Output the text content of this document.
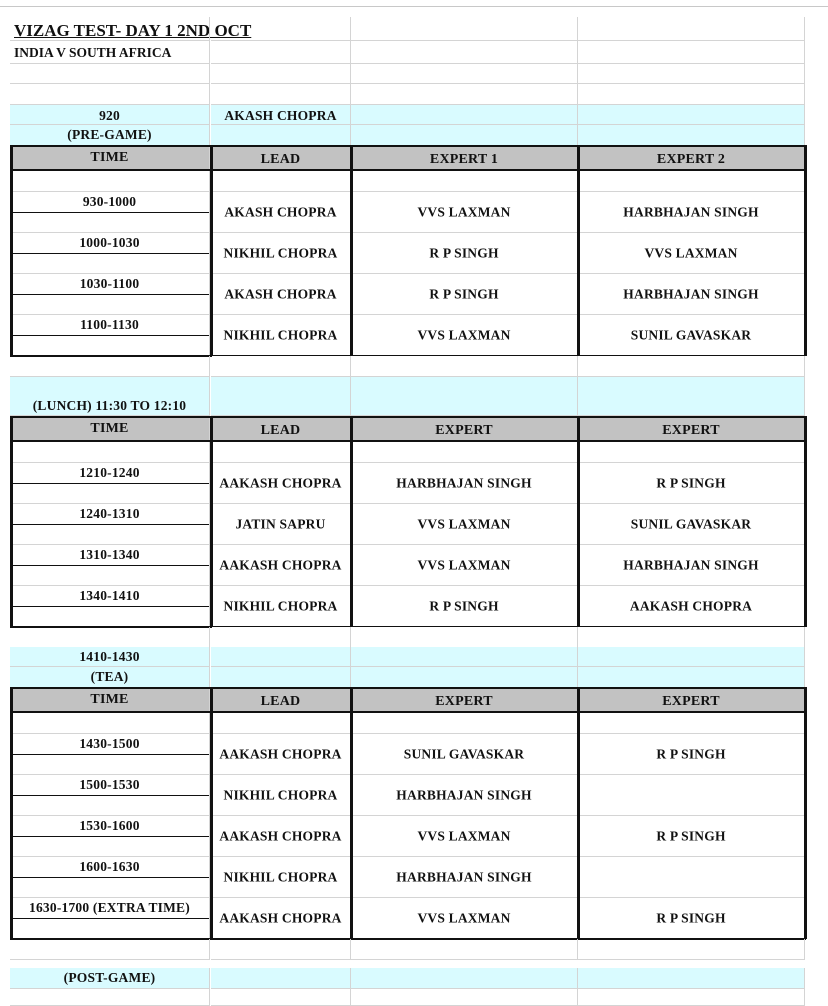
VIZAG TEST- DAY 1 2ND OCT
INDIA V SOUTH AFRICA
920	AKASH CHOPRA
(PRE-GAME)
TIME	LEAD	EXPERT 1	EXPERT 2
930-1000
AKASH CHOPRA	VVS LAXMAN	HARBHAJAN SINGH
1000-1030
NIKHIL CHOPRA	R P SINGH	VVS LAXMAN
1030-1100
AKASH CHOPRA	R P SINGH	HARBHAJAN SINGH
1100-1130
NIKHIL CHOPRA	VVS LAXMAN	SUNIL GAVASKAR
(LUNCH) 11:30 TO 12:10
TIME	LEAD	EXPERT	EXPERT
1210-1240
AAKASH CHOPRA	HARBHAJAN SINGH	R P SINGH
1240-1310
JATIN SAPRU	VVS LAXMAN	SUNIL GAVASKAR
1310-1340
AAKASH CHOPRA	VVS LAXMAN	HARBHAJAN SINGH
1340-1410
NIKHIL CHOPRA	R P SINGH	AAKASH CHOPRA
1410-1430
(TEA)
TIME	LEAD	EXPERT	EXPERT
1430-1500
AAKASH CHOPRA	SUNIL GAVASKAR	R P SINGH
1500-1530
NIKHIL CHOPRA	HARBHAJAN SINGH
1530-1600
AAKASH CHOPRA	VVS LAXMAN	R P SINGH
1600-1630
NIKHIL CHOPRA	HARBHAJAN SINGH
1630-1700 (EXTRA TIME)
AAKASH CHOPRA	VVS LAXMAN	R P SINGH
(POST-GAME)
